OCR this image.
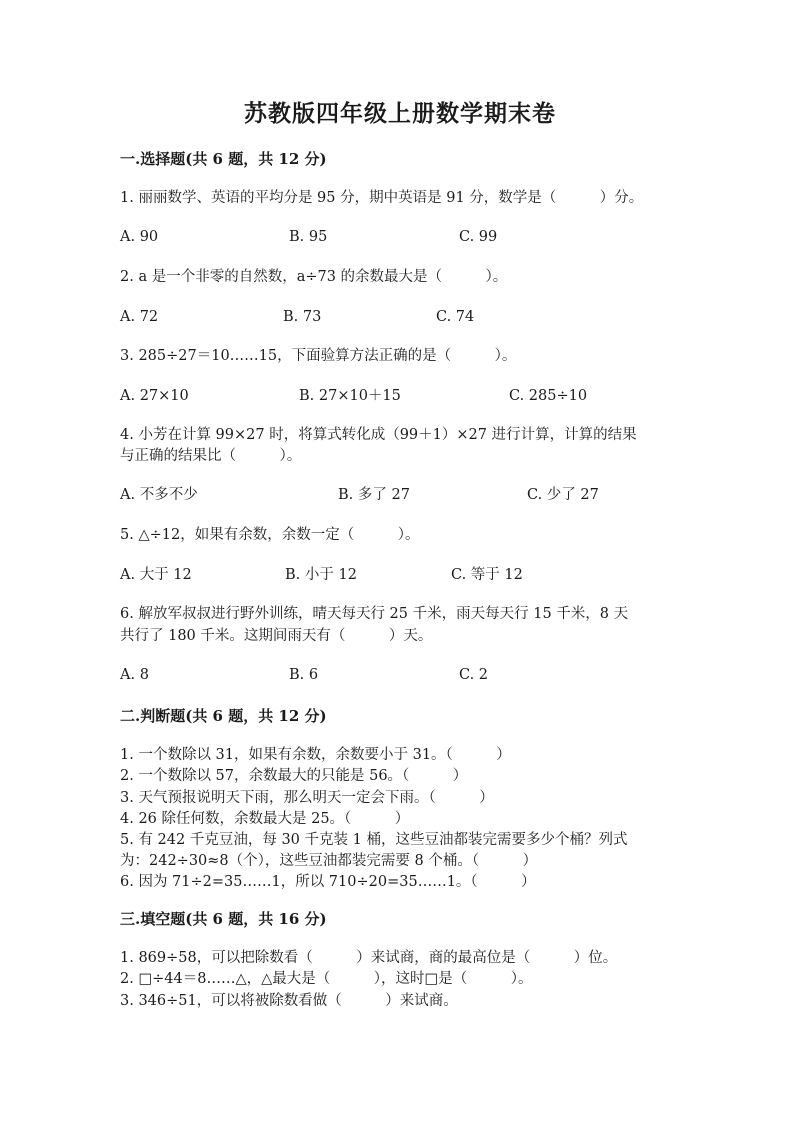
苏教版四年级上册数学期末卷
一.选择题(共 6 题，共 12 分)
1. 丽丽数学、英语的平均分是 95 分，期中英语是 91 分，数学是（　　　）分。
A. 90	B. 95	C. 99
2. a 是一个非零的自然数，a÷73 的余数最大是（　　　）。
A. 72	B. 73	C. 74
3. 285÷27＝10……15，下面验算方法正确的是（　　　）。
A. 27×10	B. 27×10＋15	C. 285÷10
4. 小芳在计算 99×27 时，将算式转化成（99＋1）×27 进行计算，计算的结果
与正确的结果比（　　　）。
A. 不多不少	B. 多了 27	C. 少了 27
5. △÷12，如果有余数，余数一定（　　　）。
A. 大于 12	B. 小于 12	C. 等于 12
6. 解放军叔叔进行野外训练，晴天每天行 25 千米，雨天每天行 15 千米，8 天
共行了 180 千米。这期间雨天有（　　　）天。
A. 8	B. 6	C. 2
二.判断题(共 6 题，共 12 分)
1. 一个数除以 31，如果有余数，余数要小于 31。（　　　）
2. 一个数除以 57，余数最大的只能是 56。（　　　）
3. 天气预报说明天下雨，那么明天一定会下雨。（　　　）
4. 26 除任何数，余数最大是 25。（　　　）
5. 有 242 千克豆油，每 30 千克装 1 桶，这些豆油都装完需要多少个桶？列式
为：242÷30≈8（个），这些豆油都装完需要 8 个桶。（　　　）
6. 因为 71÷2=35……1，所以 710÷20=35……1。（　　　）
三.填空题(共 6 题，共 16 分)
1. 869÷58，可以把除数看（　　　）来试商，商的最高位是（　　　）位。
2. □÷44＝8……△，△最大是（　　　），这时□是（　　　）。
3. 346÷51，可以将被除数看做（　　　）来试商。
